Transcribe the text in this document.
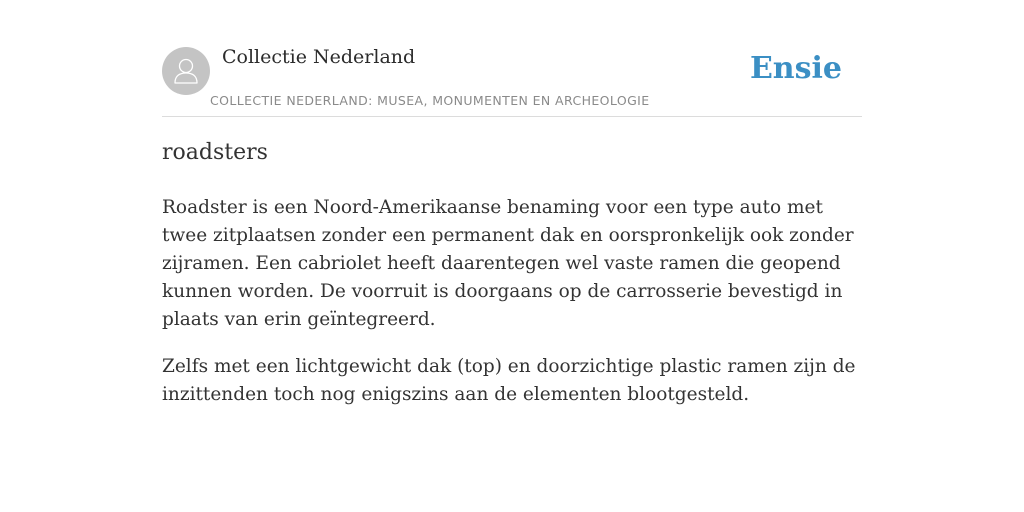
Collectie Nederland
COLLECTIE NEDERLAND: MUSEA, MONUMENTEN EN ARCHEOLOGIE
Ensie
roadsters

Roadster is een Noord-Amerikaanse benaming voor een type auto met twee zitplaatsen zonder een permanent dak en oorspronkelijk ook zonder zijramen. Een cabriolet heeft daarentegen wel vaste ramen die geopend kunnen worden. De voorruit is doorgaans op de carrosserie bevestigd in plaats van erin geïntegreerd.

Zelfs met een lichtgewicht dak (top) en doorzichtige plastic ramen zijn de inzittenden toch nog enigszins aan de elementen blootgesteld.
